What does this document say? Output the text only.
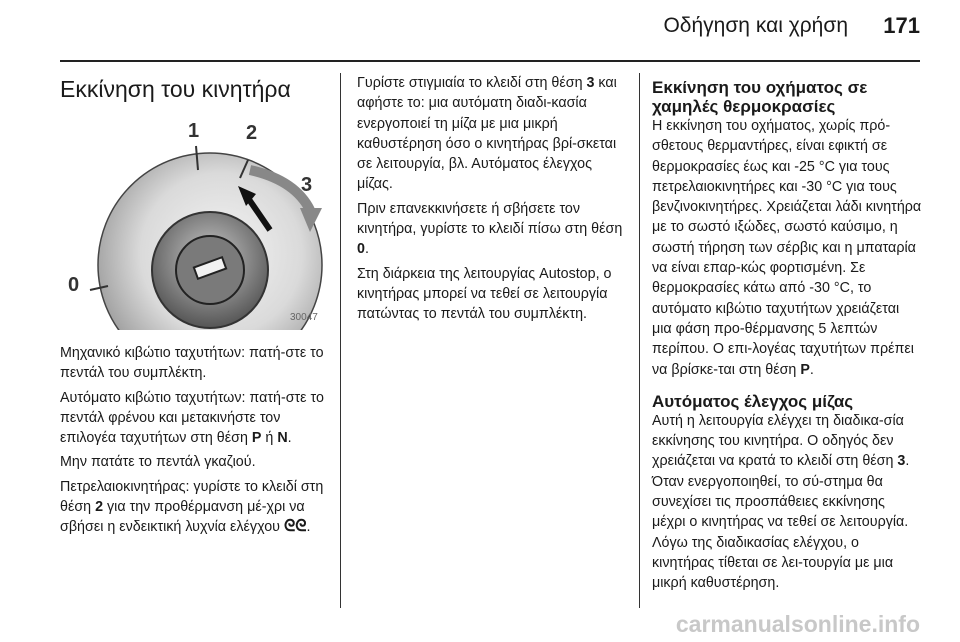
Οδήγηση και χρήση 171
Εκκίνηση του κινητήρα
1 2
3
0
30047

Μηχανικό κιβώτιο ταχυτήτων: πατή-στε το πεντάλ του συμπλέκτη.

Αυτόματο κιβώτιο ταχυτήτων: πατή-στε το πεντάλ φρένου και μετακινήστε τον επιλογέα ταχυτήτων στη θέση P ή N.

Μην πατάτε το πεντάλ γκαζιού.

Πετρελαιοκινητήρας: γυρίστε το κλειδί στη θέση 2 για την προθέρμανση μέ-χρι να σβήσει η ενδεικτική λυχνία ελέγχου ᘓᘓ.

Γυρίστε στιγμιαία το κλειδί στη θέση 3 και αφήστε το: μια αυτόματη διαδι-κασία ενεργοποιεί τη μίζα με μια μικρή καθυστέρηση όσο ο κινητήρας βρί-σκεται σε λειτουργία, βλ. Αυτόματος έλεγχος μίζας.

Πριν επανεκκινήσετε ή σβήσετε τον κινητήρα, γυρίστε το κλειδί πίσω στη θέση 0.

Στη διάρκεια της λειτουργίας Autostop, ο κινητήρας μπορεί να τεθεί σε λειτουργία πατώντας το πεντάλ του συμπλέκτη.

Εκκίνηση του οχήματος σε χαμηλές θερμοκρασίες

Η εκκίνηση του οχήματος, χωρίς πρό-σθετους θερμαντήρες, είναι εφικτή σε θερμοκρασίες έως και -25 °C για τους πετρελαιοκινητήρες και -30 °C για τους βενζινοκινητήρες. Χρειάζεται λάδι κινητήρα με το σωστό ιξώδες, σωστό καύσιμο, η σωστή τήρηση των σέρβις και η μπαταρία να είναι επαρ-κώς φορτισμένη. Σε θερμοκρασίες κάτω από -30 °C, το αυτόματο κιβώτιο ταχυτήτων χρειάζεται μια φάση προ-θέρμανσης 5 λεπτών περίπου. Ο επι-λογέας ταχυτήτων πρέπει να βρίσκε-ται στη θέση P.

Αυτόματος έλεγχος μίζας

Αυτή η λειτουργία ελέγχει τη διαδικα-σία εκκίνησης του κινητήρα. Ο οδηγός δεν χρειάζεται να κρατά το κλειδί στη θέση 3. Όταν ενεργοποιηθεί, το σύ-στημα θα συνεχίσει τις προσπάθειες εκκίνησης μέχρι ο κινητήρας να τεθεί σε λειτουργία. Λόγω της διαδικασίας ελέγχου, ο κινητήρας τίθεται σε λει-τουργία με μια μικρή καθυστέρηση.

carmanualsonline.info
